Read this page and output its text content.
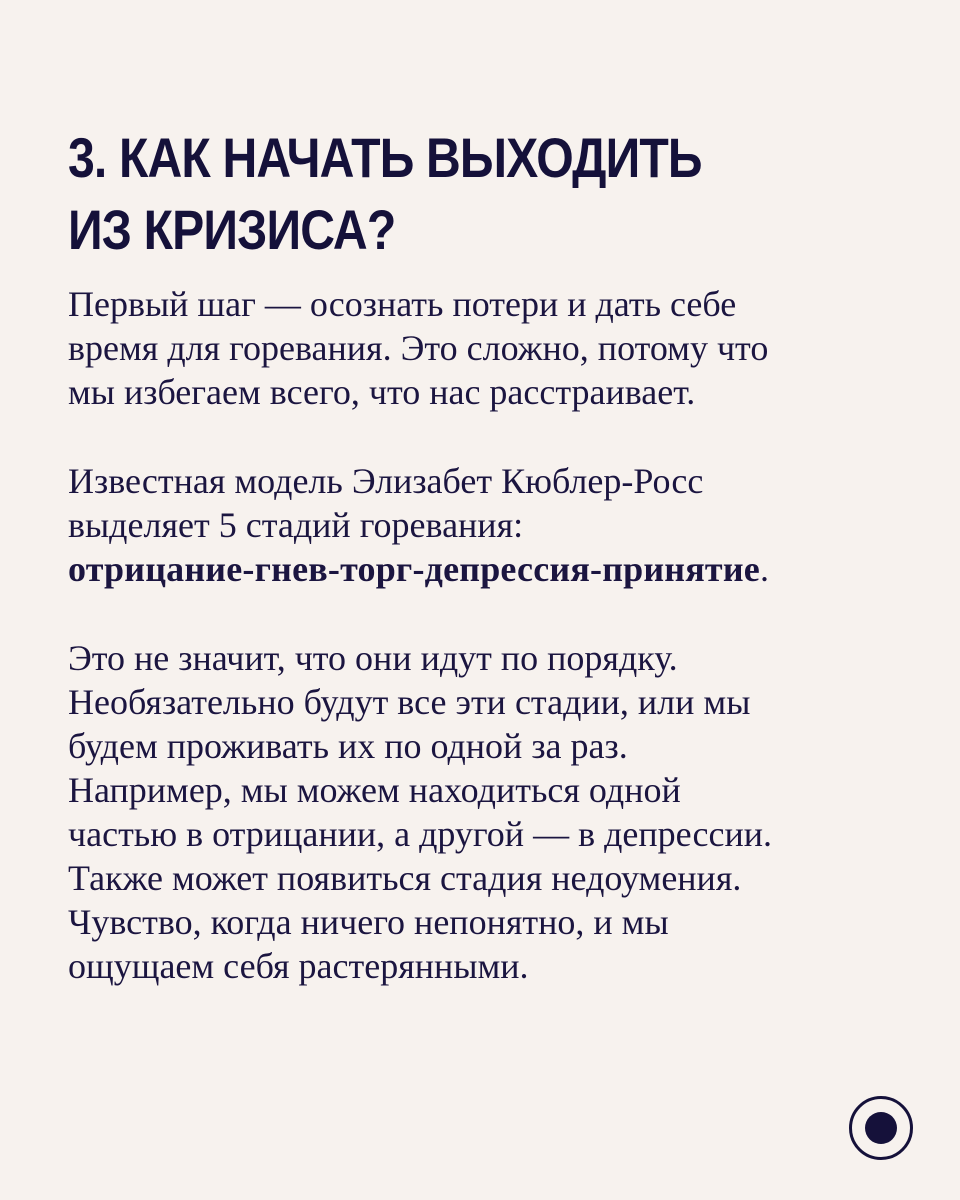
3. КАК НАЧАТЬ ВЫХОДИТЬ
ИЗ КРИЗИСА?

Первый шаг — осознать потери и дать себе
время для горевания. Это сложно, потому что
мы избегаем всего, что нас расстраивает.

Известная модель Элизабет Кюблер-Росс
выделяет 5 стадий горевания:
отрицание-гнев-торг-депрессия-принятие.

Это не значит, что они идут по порядку.
Необязательно будут все эти стадии, или мы
будем проживать их по одной за раз.
Например, мы можем находиться одной
частью в отрицании, а другой — в депрессии.
Также может появиться стадия недоумения.
Чувство, когда ничего непонятно, и мы
ощущаем себя растерянными.
